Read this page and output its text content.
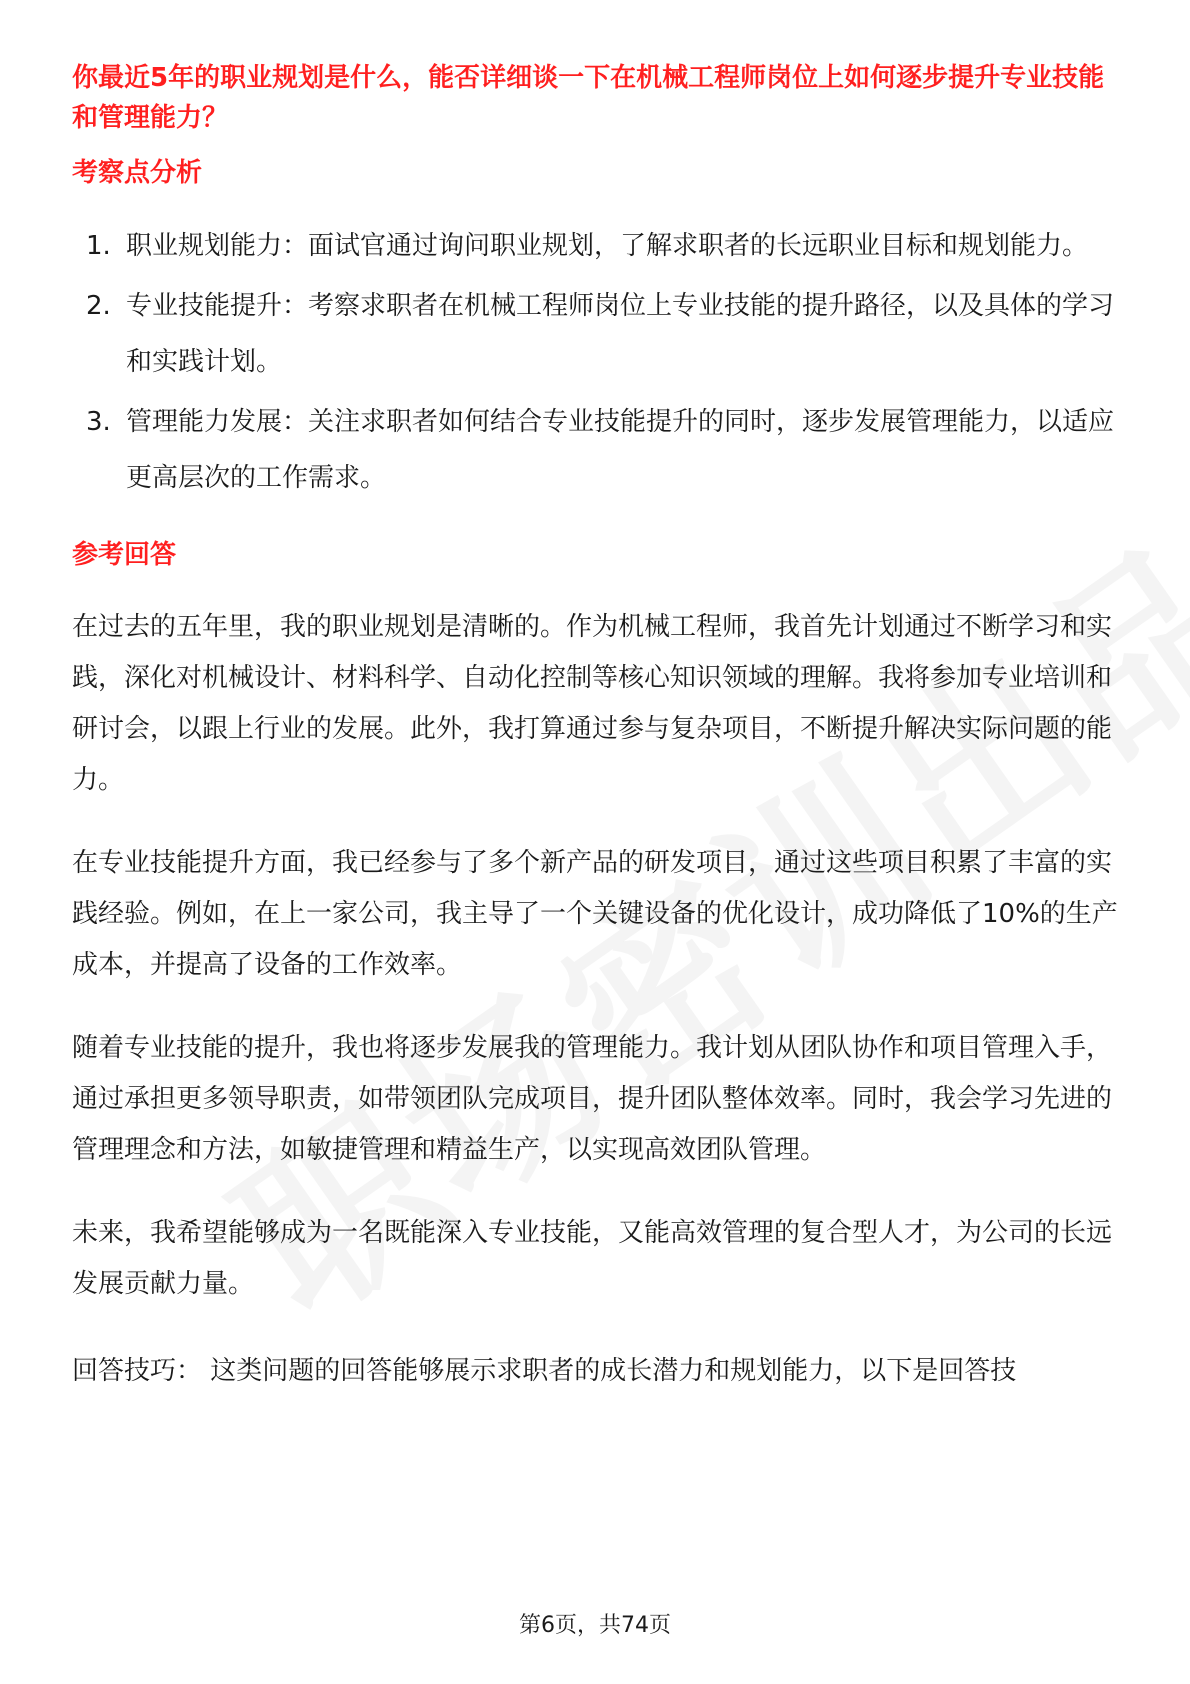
你最近5年的职业规划是什么，能否详细谈一下在机械工程师岗位上如何逐步提升专业技能和管理能力？

考察点分析

1. 职业规划能力：面试官通过询问职业规划，了解求职者的长远职业目标和规划能力。
2. 专业技能提升：考察求职者在机械工程师岗位上专业技能的提升路径，以及具体的学习和实践计划。
3. 管理能力发展：关注求职者如何结合专业技能提升的同时，逐步发展管理能力，以适应更高层次的工作需求。

参考回答

在过去的五年里，我的职业规划是清晰的。作为机械工程师，我首先计划通过不断学习和实践，深化对机械设计、材料科学、自动化控制等核心知识领域的理解。我将参加专业培训和研讨会，以跟上行业的发展。此外，我打算通过参与复杂项目，不断提升解决实际问题的能力。

在专业技能提升方面，我已经参与了多个新产品的研发项目，通过这些项目积累了丰富的实践经验。例如，在上一家公司，我主导了一个关键设备的优化设计，成功降低了10%的生产成本，并提高了设备的工作效率。

随着专业技能的提升，我也将逐步发展我的管理能力。我计划从团队协作和项目管理入手，通过承担更多领导职责，如带领团队完成项目，提升团队整体效率。同时，我会学习先进的管理理念和方法，如敏捷管理和精益生产，以实现高效团队管理。

未来，我希望能够成为一名既能深入专业技能，又能高效管理的复合型人才，为公司的长远发展贡献力量。

回答技巧： 这类问题的回答能够展示求职者的成长潜力和规划能力，以下是回答技

第6页，共74页
